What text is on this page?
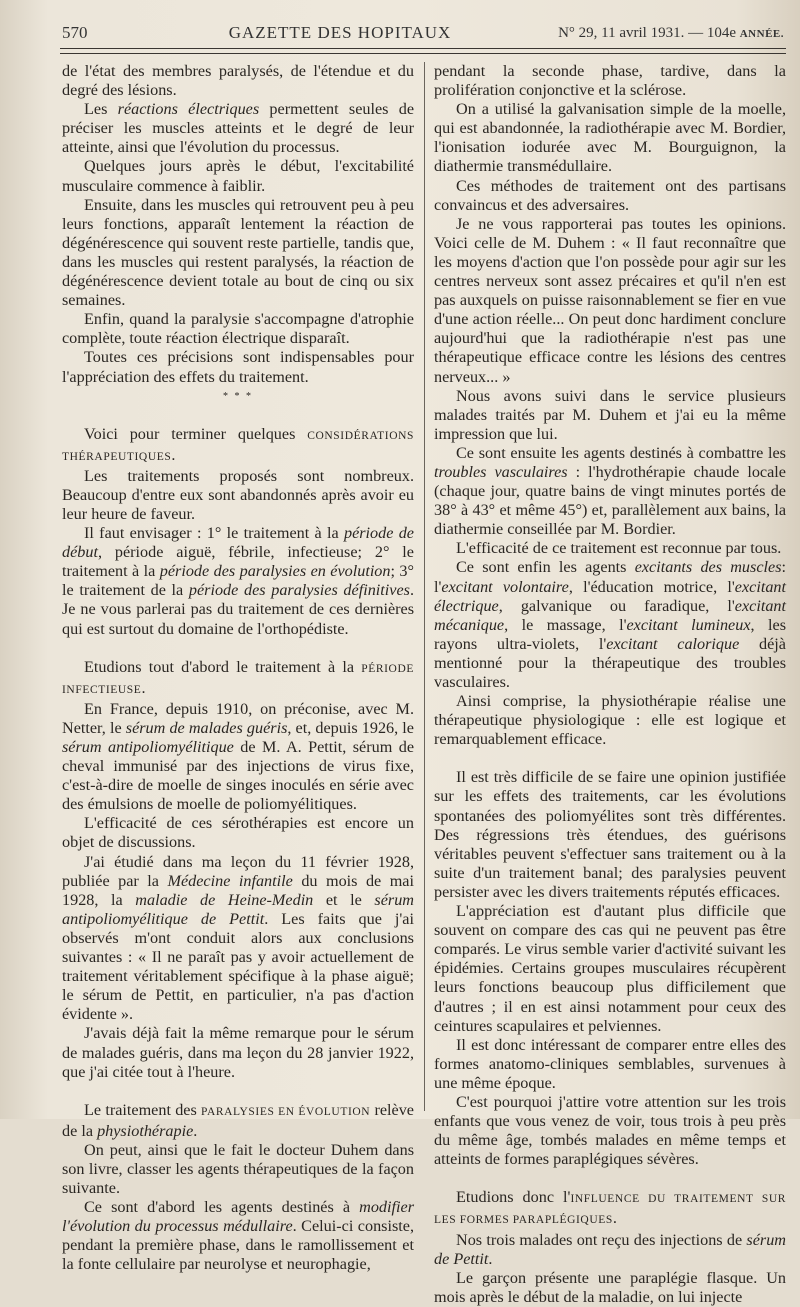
570	GAZETTE DES HOPITAUX	N° 29, 11 avril 1931. — 104e ANNÉE.

de l'état des membres paralysés, de l'étendue et du degré des lésions.

Les réactions électriques permettent seules de préciser les muscles atteints et le degré de leur atteinte, ainsi que l'évolution du processus.

Quelques jours après le début, l'excitabilité musculaire commence à faiblir.

Ensuite, dans les muscles qui retrouvent peu à peu leurs fonctions, apparaît lentement la réaction de dégénérescence qui souvent reste partielle, tandis que, dans les muscles qui restent paralysés, la réaction de dégénérescence devient totale au bout de cinq ou six semaines.

Enfin, quand la paralysie s'accompagne d'atrophie complète, toute réaction électrique disparaît.

Toutes ces précisions sont indispensables pour l'appréciation des effets du traitement.

* * *

Voici pour terminer quelques CONSIDÉRATIONS THÉRAPEUTIQUES.

Les traitements proposés sont nombreux. Beaucoup d'entre eux sont abandonnés après avoir eu leur heure de faveur.

Il faut envisager : 1° le traitement à la période de début, période aiguë, fébrile, infectieuse; 2° le traitement à la période des paralysies en évolution; 3° le traitement de la période des paralysies définitives. Je ne vous parlerai pas du traitement de ces dernières qui est surtout du domaine de l'orthopédiste.

Etudions tout d'abord le traitement à la PÉRIODE INFECTIEUSE.

En France, depuis 1910, on préconise, avec M. Netter, le sérum de malades guéris, et, depuis 1926, le sérum antipoliomyélitique de M. A. Pettit, sérum de cheval immunisé par des injections de virus fixe, c'est-à-dire de moelle de singes inoculés en série avec des émulsions de moelle de poliomyélitiques.

L'efficacité de ces sérothérapies est encore un objet de discussions.

J'ai étudié dans ma leçon du 11 février 1928, publiée par la Médecine infantile du mois de mai 1928, la maladie de Heine-Medin et le sérum antipoliomyélitique de Pettit. Les faits que j'ai observés m'ont conduit alors aux conclusions suivantes : « Il ne paraît pas y avoir actuellement de traitement véritablement spécifique à la phase aiguë; le sérum de Pettit, en particulier, n'a pas d'action évidente ».

J'avais déjà fait la même remarque pour le sérum de malades guéris, dans ma leçon du 28 janvier 1922, que j'ai citée tout à l'heure.

Le traitement des PARALYSIES EN ÉVOLUTION relève de la physiothérapie.

On peut, ainsi que le fait le docteur Duhem dans son livre, classer les agents thérapeutiques de la façon suivante.

Ce sont d'abord les agents destinés à modifier l'évolution du processus médullaire. Celui-ci consiste, pendant la première phase, dans le ramollissement et la fonte cellulaire par neurolyse et neurophagie,

pendant la seconde phase, tardive, dans la prolifération conjonctive et la sclérose.

On a utilisé la galvanisation simple de la moelle, qui est abandonnée, la radiothérapie avec M. Bordier, l'ionisation iodurée avec M. Bourguignon, la diathermie transmédullaire.

Ces méthodes de traitement ont des partisans convaincus et des adversaires.

Je ne vous rapporterai pas toutes les opinions. Voici celle de M. Duhem : « Il faut reconnaître que les moyens d'action que l'on possède pour agir sur les centres nerveux sont assez précaires et qu'il n'en est pas auxquels on puisse raisonnablement se fier en vue d'une action réelle... On peut donc hardiment conclure aujourd'hui que la radiothérapie n'est pas une thérapeutique efficace contre les lésions des centres nerveux... »

Nous avons suivi dans le service plusieurs malades traités par M. Duhem et j'ai eu la même impression que lui.

Ce sont ensuite les agents destinés à combattre les troubles vasculaires : l'hydrothérapie chaude locale (chaque jour, quatre bains de vingt minutes portés de 38° à 43° et même 45°) et, parallèlement aux bains, la diathermie conseillée par M. Bordier.

L'efficacité de ce traitement est reconnue par tous.

Ce sont enfin les agents excitants des muscles: l'excitant volontaire, l'éducation motrice, l'excitant électrique, galvanique ou faradique, l'excitant mécanique, le massage, l'excitant lumineux, les rayons ultra-violets, l'excitant calorique déjà mentionné pour la thérapeutique des troubles vasculaires.

Ainsi comprise, la physiothérapie réalise une thérapeutique physiologique : elle est logique et remarquablement efficace.

Il est très difficile de se faire une opinion justifiée sur les effets des traitements, car les évolutions spontanées des poliomyélites sont très différentes. Des régressions très étendues, des guérisons véritables peuvent s'effectuer sans traitement ou à la suite d'un traitement banal; des paralysies peuvent persister avec les divers traitements réputés efficaces.

L'appréciation est d'autant plus difficile que souvent on compare des cas qui ne peuvent pas être comparés. Le virus semble varier d'activité suivant les épidémies. Certains groupes musculaires récupèrent leurs fonctions beaucoup plus difficilement que d'autres ; il en est ainsi notamment pour ceux des ceintures scapulaires et pelviennes.

Il est donc intéressant de comparer entre elles des formes anatomo-cliniques semblables, survenues à une même époque.

C'est pourquoi j'attire votre attention sur les trois enfants que vous venez de voir, tous trois à peu près du même âge, tombés malades en même temps et atteints de formes paraplégiques sévères.

Etudions donc l'INFLUENCE DU TRAITEMENT SUR LES FORMES PARAPLÉGIQUES.

Nos trois malades ont reçu des injections de sérum de Pettit.

Le garçon présente une paraplégie flasque. Un mois après le début de la maladie, on lui injecte
